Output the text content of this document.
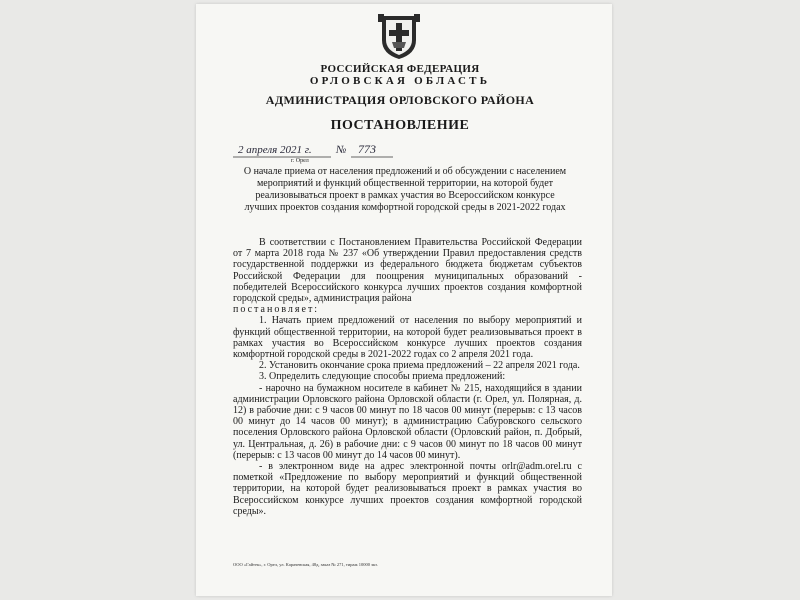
РОССИЙСКАЯ ФЕДЕРАЦИЯ
ОРЛОВСКАЯ ОБЛАСТЬ
АДМИНИСТРАЦИЯ ОРЛОВСКОГО РАЙОНА
ПОСТАНОВЛЕНИЕ
2 апреля 2021 г. № 773
г. Орел
О начале приема от населения предложений и об обсуждении с населением мероприятий и функций общественной территории, на которой будет реализовываться проект в рамках участия во Всероссийском конкурсе лучших проектов создания комфортной городской среды в 2021-2022 годах

В соответствии с Постановлением Правительства Российской Федерации от 7 марта 2018 года № 237 «Об утверждении Правил предоставления средств государственной поддержки из федерального бюджета бюджетам субъектов Российской Федерации для поощрения муниципальных образований - победителей Всероссийского конкурса лучших проектов создания комфортной городской среды», администрация района

постановляет:

1. Начать прием предложений от населения по выбору мероприятий и функций общественной территории, на которой будет реализовываться проект в рамках участия во Всероссийском конкурсе лучших проектов создания комфортной городской среды в 2021-2022 годах со 2 апреля 2021 года.

2. Установить окончание срока приема предложений – 22 апреля 2021 года.

3. Определить следующие способы приема предложений:

- нарочно на бумажном носителе в кабинет № 215, находящийся в здании администрации Орловского района Орловской области (г. Орел, ул. Полярная, д. 12) в рабочие дни: с 9 часов 00 минут по 18 часов 00 минут (перерыв: с 13 часов 00 минут до 14 часов 00 минут); в администрацию Сабуровского сельского поселения Орловского района Орловской области (Орловский район, п. Добрый, ул. Центральная, д. 26) в рабочие дни: с 9 часов 00 минут по 18 часов 00 минут (перерыв: с 13 часов 00 минут до 14 часов 00 минут).

- в электронном виде на адрес электронной почты orlr@adm.orel.ru с пометкой «Предложение по выбору мероприятий и функций общественной территории, на которой будет реализовываться проект в рамках участия во Всероссийском конкурсе лучших проектов создания комфортной городской среды».

ООО «Гайтек», г. Орел, ул. Карачевская, 48д, заказ № 271, тираж 10000 экз.
